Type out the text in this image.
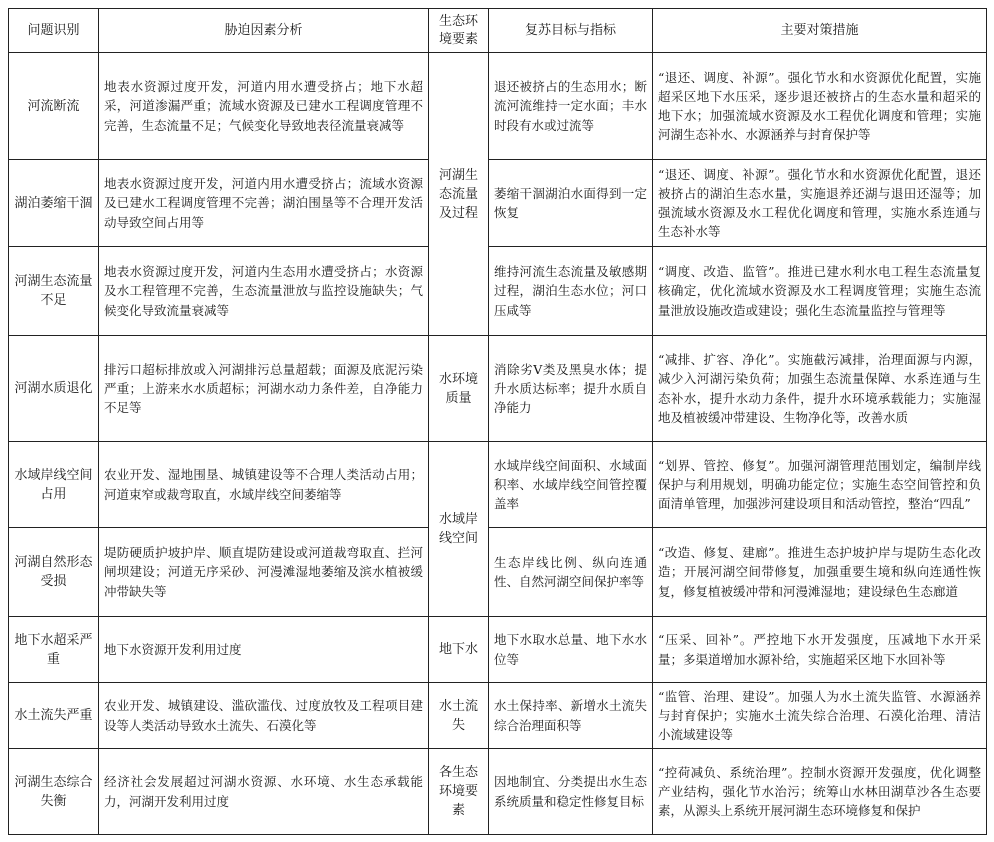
问题识别	胁迫因素分析	生态环境要素	复苏目标与指标	主要对策措施
河流断流	地表水资源过度开发，河道内用水遭受挤占；地下水超采，河道渗漏严重；流域水资源及已建水工程调度管理不完善，生态流量不足；气候变化导致地表径流量衰减等	河湖生态流量及过程	退还被挤占的生态用水；断流河流维持一定水面；丰水时段有水或过流等	“退还、调度、补源”。强化节水和水资源优化配置，实施超采区地下水压采，逐步退还被挤占的生态水量和超采的地下水；加强流域水资源及水工程优化调度和管理；实施河湖生态补水、水源涵养与封育保护等
湖泊萎缩干涸	地表水资源过度开发，河道内用水遭受挤占；流域水资源及已建水工程调度管理不完善；湖泊围垦等不合理开发活动导致空间占用等		萎缩干涸湖泊水面得到一定恢复	“退还、调度、补源”。强化节水和水资源优化配置，退还被挤占的湖泊生态水量，实施退养还湖与退田还湿等；加强流域水资源及水工程优化调度和管理，实施水系连通与生态补水等
河湖生态流量不足	地表水资源过度开发，河道内生态用水遭受挤占；水资源及水工程管理不完善，生态流量泄放与监控设施缺失；气候变化导致流量衰减等		维持河流生态流量及敏感期过程，湖泊生态水位；河口压咸等	“调度、改造、监管”。推进已建水利水电工程生态流量复核确定，优化流域水资源及水工程调度管理；实施生态流量泄放设施改造或建设；强化生态流量监控与管理等
河湖水质退化	排污口超标排放或入河湖排污总量超载；面源及底泥污染严重；上游来水水质超标；河湖水动力条件差，自净能力不足等	水环境质量	消除劣Ⅴ类及黑臭水体；提升水质达标率；提升水质自净能力	“减排、扩容、净化”。实施截污减排，治理面源与内源，减少入河湖污染负荷；加强生态流量保障、水系连通与生态补水，提升水动力条件，提升水环境承载能力；实施湿地及植被缓冲带建设、生物净化等，改善水质
水域岸线空间占用	农业开发、湿地围垦、城镇建设等不合理人类活动占用；河道束窄或裁弯取直，水域岸线空间萎缩等	水域岸线空间	水域岸线空间面积、水域面积率、水域岸线空间管控覆盖率	“划界、管控、修复”。加强河湖管理范围划定，编制岸线保护与利用规划，明确功能定位；实施生态空间管控和负面清单管理，加强涉河建设项目和活动管控，整治“四乱”
河湖自然形态受损	堤防硬质护坡护岸、顺直堤防建设或河道裁弯取直、拦河闸坝建设；河道无序采砂、河漫滩湿地萎缩及滨水植被缓冲带缺失等		生态岸线比例、纵向连通性、自然河湖空间保护率等	“改造、修复、建廊”。推进生态护坡护岸与堤防生态化改造；开展河湖空间带修复，加强重要生境和纵向连通性恢复，修复植被缓冲带和河漫滩湿地；建设绿色生态廊道
地下水超采严重	地下水资源开发利用过度	地下水	地下水取水总量、地下水水位等	“压采、回补”。严控地下水开发强度，压减地下水开采量；多渠道增加水源补给，实施超采区地下水回补等
水土流失严重	农业开发、城镇建设、滥砍滥伐、过度放牧及工程项目建设等人类活动导致水土流失、石漠化等	水土流失	水土保持率、新增水土流失综合治理面积等	“监管、治理、建设”。加强人为水土流失监管、水源涵养与封育保护；实施水土流失综合治理、石漠化治理、清洁小流域建设等
河湖生态综合失衡	经济社会发展超过河湖水资源、水环境、水生态承载能力，河湖开发利用过度	各生态环境要素	因地制宜、分类提出水生态系统质量和稳定性修复目标	“控荷减负、系统治理”。控制水资源开发强度，优化调整产业结构，强化节水治污；统筹山水林田湖草沙各生态要素，从源头上系统开展河湖生态环境修复和保护
